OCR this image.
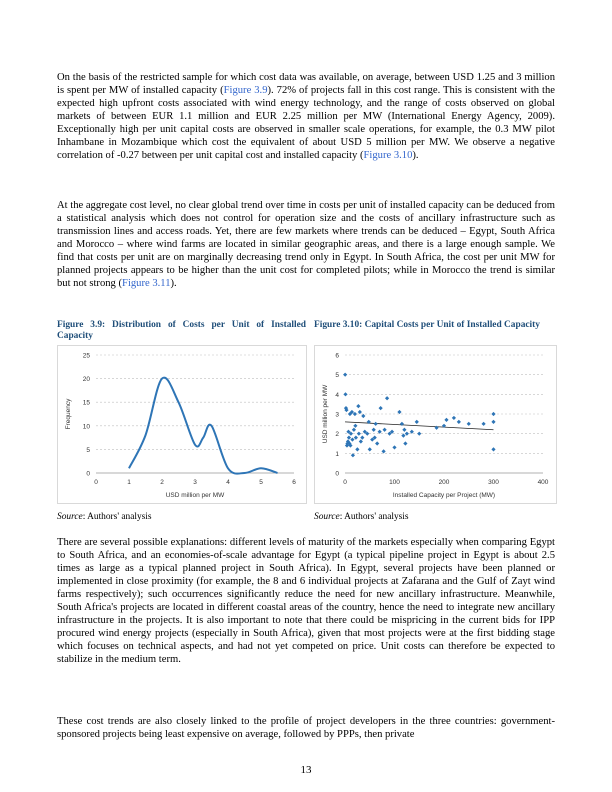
On the basis of the restricted sample for which cost data was available, on average, between USD 1.25 and 3 million is spent per MW of installed capacity (Figure 3.9). 72% of projects fall in this cost range. This is consistent with the expected high upfront costs associated with wind energy technology, and the range of costs observed on global markets of between EUR 1.1 million and EUR 2.25 million per MW (International Energy Agency, 2009). Exceptionally high per unit capital costs are observed in smaller scale operations, for example, the 0.3 MW pilot Inhambane in Mozambique which cost the equivalent of about USD 5 million per MW. We observe a negative correlation of -0.27 between per unit capital cost and installed capacity (Figure 3.10).

At the aggregate cost level, no clear global trend over time in costs per unit of installed capacity can be deduced from a statistical analysis which does not control for operation size and the costs of ancillary infrastructure such as transmission lines and access roads. Yet, there are few markets where trends can be deduced – Egypt, South Africa and Morocco – where wind farms are located in similar geographic areas, and there is a large enough sample. We find that costs per unit are on marginally decreasing trend only in Egypt. In South Africa, the cost per unit MW for planned projects appears to be higher than the unit cost for completed pilots; while in Morocco the trend is similar but not strong (Figure 3.11).

Figure 3.9: Distribution of Costs per Unit of Installed Capacity

Figure 3.10: Capital Costs per Unit of Installed Capacity

0
5
10
15
20
25
0	1	2	3	4	5	6
USD million per MW
Frequency
0
1
2
3
4
5
6
0	100	200	300	400
Installed Capacity per Project (MW)
USD million per MW

Source: Authors' analysis	Source: Authors' analysis

There are several possible explanations: different levels of maturity of the markets especially when comparing Egypt to South Africa, and an economies-of-scale advantage for Egypt (a typical pipeline project in Egypt is about 2.5 times as large as a typical planned project in South Africa). In Egypt, several projects have been planned or implemented in close proximity (for example, the 8 and 6 individual projects at Zafarana and the Gulf of Zayt wind farms respectively); such occurrences significantly reduce the need for new ancillary infrastructure. Meanwhile, South Africa's projects are located in different coastal areas of the country, hence the need to integrate new ancillary infrastructure in the projects. It is also important to note that there could be mispricing in the current bids for IPP procured wind energy projects (especially in South Africa), given that most projects were at the first bidding stage which focuses on technical aspects, and had not yet competed on price. Unit costs can therefore be expected to stabilize in the medium term.

These cost trends are also closely linked to the profile of project developers in the three countries: government-sponsored projects being least expensive on average, followed by PPPs, then private

13
